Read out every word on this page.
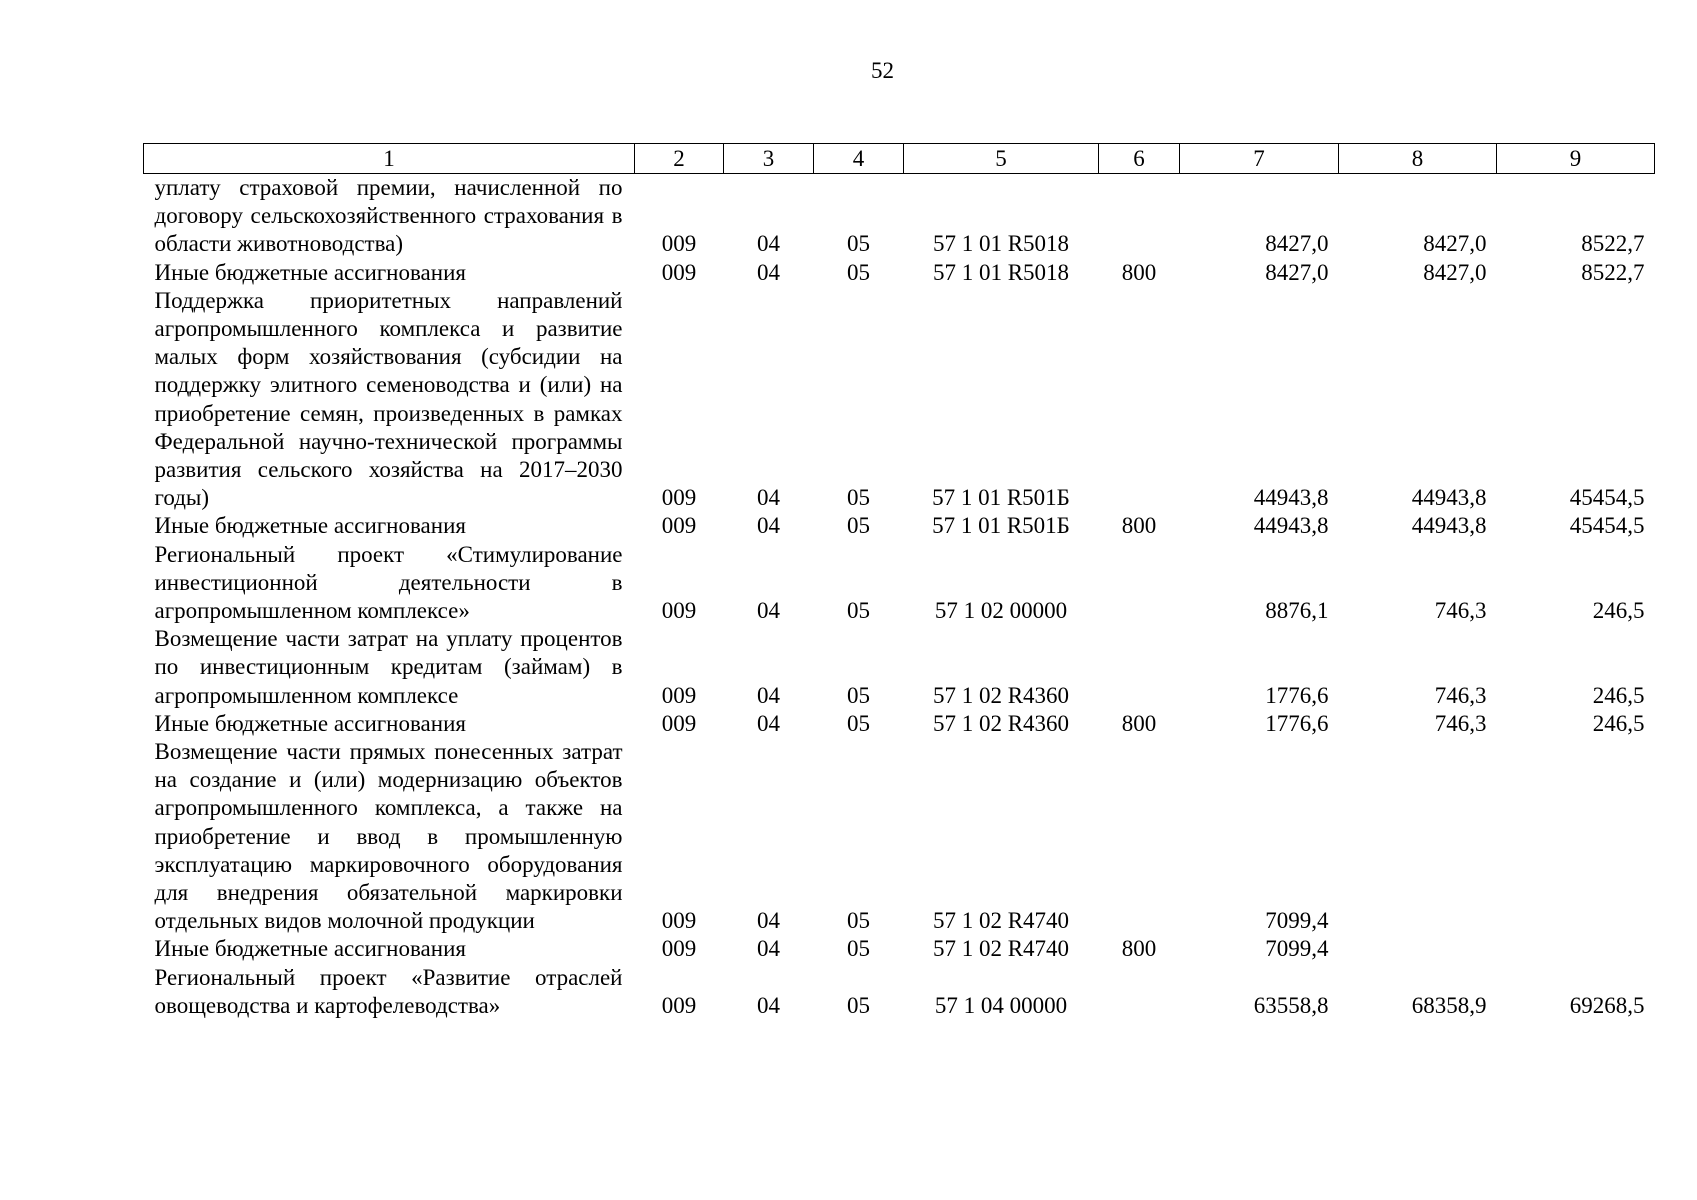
52
1	2	3	4	5	6	7	8	9
уплату страховой премии, начисленной по договору сельскохозяйственного страхования в области животноводства)	009	04	05	57 1 01 R5018		8427,0	8427,0	8522,7
Иные бюджетные ассигнования	009	04	05	57 1 01 R5018	800	8427,0	8427,0	8522,7
Поддержка приоритетных направлений агропромышленного комплекса и развитие малых форм хозяйствования (субсидии на поддержку элитного семеноводства и (или) на приобретение семян, произведенных в рамках Федеральной научно-технической программы развития сельского хозяйства на 2017–2030 годы)	009	04	05	57 1 01 R501Б		44943,8	44943,8	45454,5
Иные бюджетные ассигнования	009	04	05	57 1 01 R501Б	800	44943,8	44943,8	45454,5
Региональный проект «Стимулирование инвестиционной деятельности в агропромышленном комплексе»	009	04	05	57 1 02 00000		8876,1	746,3	246,5
Возмещение части затрат на уплату процентов по инвестиционным кредитам (займам) в агропромышленном комплексе	009	04	05	57 1 02 R4360		1776,6	746,3	246,5
Иные бюджетные ассигнования	009	04	05	57 1 02 R4360	800	1776,6	746,3	246,5
Возмещение части прямых понесенных затрат на создание и (или) модернизацию объектов агропромышленного комплекса, а также на приобретение и ввод в промышленную эксплуатацию маркировочного оборудования для внедрения обязательной маркировки отдельных видов молочной продукции	009	04	05	57 1 02 R4740		7099,4		
Иные бюджетные ассигнования	009	04	05	57 1 02 R4740	800	7099,4		
Региональный проект «Развитие отраслей овощеводства и картофелеводства»	009	04	05	57 1 04 00000		63558,8	68358,9	69268,5
